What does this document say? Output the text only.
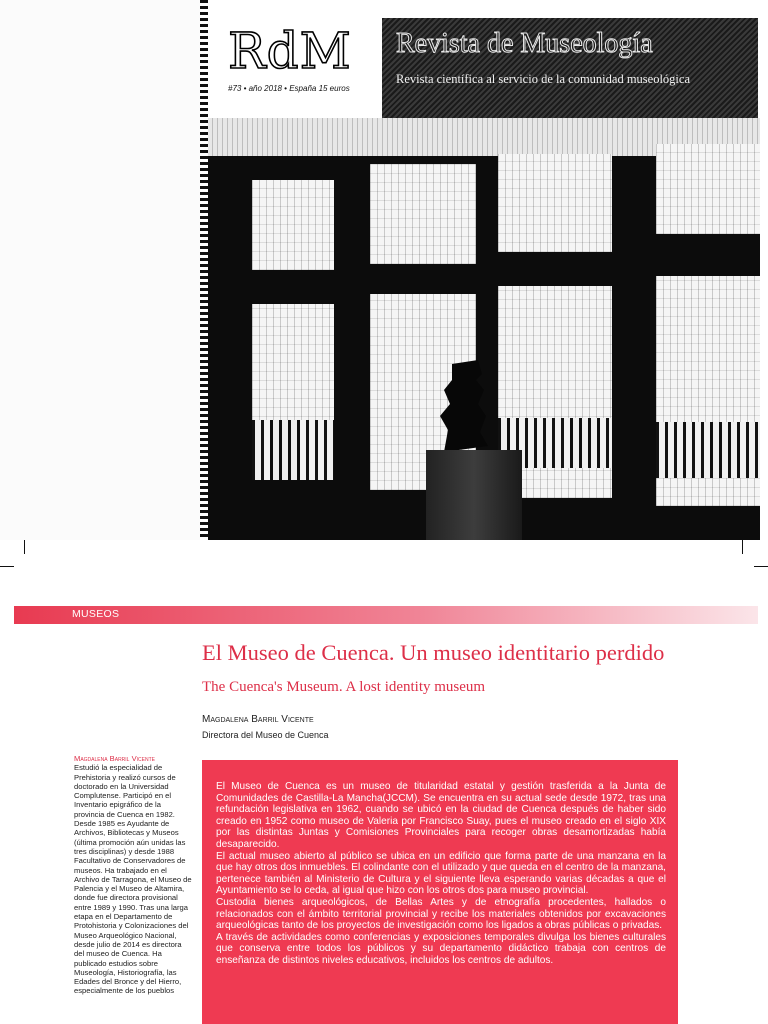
RdM
#73 • año 2018 • España 15 euros
Revista de Museología
Revista científica al servicio de la comunidad museológica
MUSEOS
El Museo de Cuenca. Un museo identitario perdido
The Cuenca's Museum. A lost identity museum
Magdalena Barril Vicente
Directora del Museo de Cuenca
Magdalena Barril Vicente
Estudió la especialidad de Prehistoria y realizó cursos de doctorado en la Universidad Complutense. Participó en el Inventario epigráfico de la provincia de Cuenca en 1982. Desde 1985 es Ayudante de Archivos, Bibliotecas y Museos (última promoción aún unidas las tres disciplinas) y desde 1988 Facultativo de Conservadores de museos. Ha trabajado en el Archivo de Tarragona, el Museo de Palencia y el Museo de Altamira, donde fue directora provisional entre 1989 y 1990. Tras una larga etapa en el Departamento de Protohistoria y Colonizaciones del Museo Arqueológico Nacional, desde julio de 2014 es directora del museo de Cuenca. Ha publicado estudios sobre Museología, Historiografía, las Edades del Bronce y del Hierro, especialmente de los pueblos

El Museo de Cuenca es un museo de titularidad estatal y gestión trasferida a la Junta de Comunidades de Castilla-La Mancha(JCCM). Se encuentra en su actual sede desde 1972, tras una refundación legislativa en 1962, cuando se ubicó en la ciudad de Cuenca después de haber sido creado en 1952 como museo de Valeria por Francisco Suay, pues el museo creado en el siglo XIX por las distintas Juntas y Comisiones Provinciales para recoger obras desamortizadas había desaparecido.

El actual museo abierto al público se ubica en un edificio que forma parte de una manzana en la que hay otros dos inmuebles. El colindante con el utilizado y que queda en el centro de la manzana, pertenece también al Ministerio de Cultura y el siguiente lleva esperando varias décadas a que el Ayuntamiento se lo ceda, al igual que hizo con los otros dos para museo provincial.

Custodia bienes arqueológicos, de Bellas Artes y de etnografía procedentes, hallados o relacionados con el ámbito territorial provincial y recibe los materiales obtenidos por excavaciones arqueológicas tanto de los proyectos de investigación como los ligados a obras públicas o privadas.

A través de actividades como conferencias y exposiciones temporales divulga los bienes culturales que conserva entre todos los públicos y su departamento didáctico trabaja con centros de enseñanza de distintos niveles educativos, incluidos los centros de adultos.
